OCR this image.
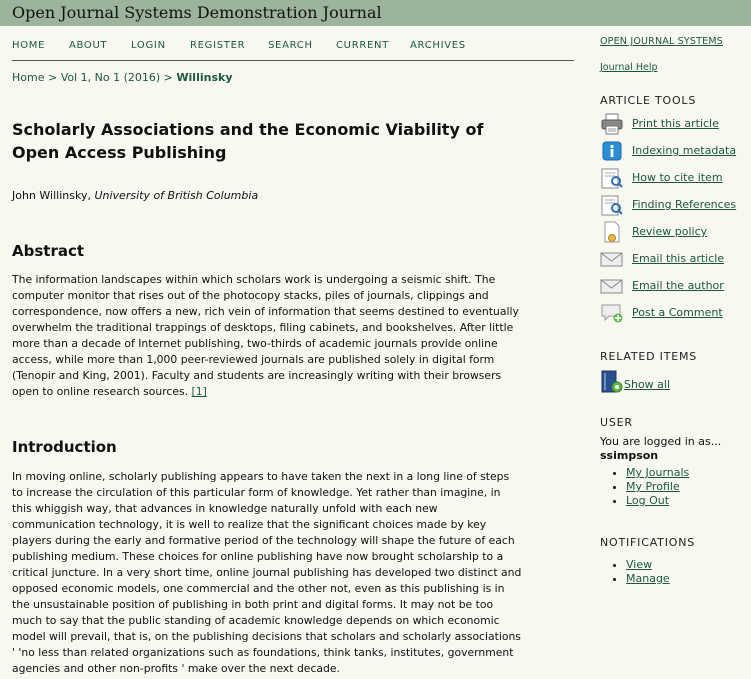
Open Journal Systems Demonstration Journal
HOME ABOUT LOGIN REGISTER SEARCH CURRENT ARCHIVES
Home > Vol 1, No 1 (2016) > Willinsky
Scholarly Associations and the Economic Viability of Open Access Publishing
John Willinsky, University of British Columbia
Abstract

The information landscapes within which scholars work is undergoing a seismic shift. The computer monitor that rises out of the photocopy stacks, piles of journals, clippings and correspondence, now offers a new, rich vein of information that seems destined to eventually overwhelm the traditional trappings of desktops, filing cabinets, and bookshelves. After little more than a decade of Internet publishing, two-thirds of academic journals provide online access, while more than 1,000 peer-reviewed journals are published solely in digital form (Tenopir and King, 2001). Faculty and students are increasingly writing with their browsers open to online research sources. [1]

Introduction

In moving online, scholarly publishing appears to have taken the next in a long line of steps to increase the circulation of this particular form of knowledge. Yet rather than imagine, in this whiggish way, that advances in knowledge naturally unfold with each new communication technology, it is well to realize that the significant choices made by key players during the early and formative period of the technology will shape the future of each publishing medium. These choices for online publishing have now brought scholarship to a critical juncture. In a very short time, online journal publishing has developed two distinct and opposed economic models, one commercial and the other not, even as this publishing is in the unsustainable position of publishing in both print and digital forms. It may not be too much to say that the public standing of academic knowledge depends on which economic model will prevail, that is, on the publishing decisions that scholars and scholarly associations ' 'no less than related organizations such as foundations, think tanks, institutes, government agencies and other non-profits ' make over the next decade.

OPEN JOURNAL SYSTEMS
Journal Help
ARTICLE TOOLS
Print this article
Indexing metadata
How to cite item
Finding References
Review policy
Email this article
Email the author
Post a Comment
RELATED ITEMS
Show all
USER
You are logged in as...
ssimpson
• My Journals
• My Profile
• Log Out
NOTIFICATIONS
• View
• Manage
